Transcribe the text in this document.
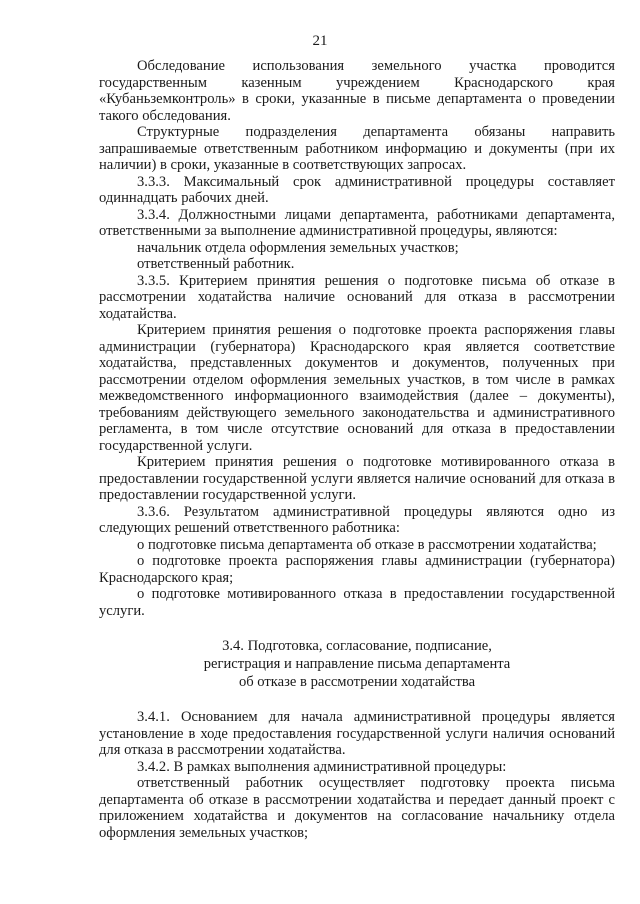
21

Обследование использования земельного участка проводится государственным казенным учреждением Краснодарского края «Кубаньземконтроль» в сроки, указанные в письме департамента о проведении такого обследования.

Структурные подразделения департамента обязаны направить запрашиваемые ответственным работником информацию и документы (при их наличии) в сроки, указанные в соответствующих запросах.

3.3.3. Максимальный срок административной процедуры составляет одиннадцать рабочих дней.

3.3.4. Должностными лицами департамента, работниками департамента, ответственными за выполнение административной процедуры, являются:

начальник отдела оформления земельных участков;

ответственный работник.

3.3.5. Критерием принятия решения о подготовке письма об отказе в рассмотрении ходатайства наличие оснований для отказа в рассмотрении ходатайства.

Критерием принятия решения о подготовке проекта распоряжения главы администрации (губернатора) Краснодарского края является соответствие ходатайства, представленных документов и документов, полученных при рассмотрении отделом оформления земельных участков, в том числе в рамках межведомственного информационного взаимодействия (далее – документы), требованиям действующего земельного законодательства и административного регламента, в том числе отсутствие оснований для отказа в предоставлении государственной услуги.

Критерием принятия решения о подготовке мотивированного отказа в предоставлении государственной услуги является наличие оснований для отказа в предоставлении государственной услуги.

3.3.6. Результатом административной процедуры являются одно из следующих решений ответственного работника:

о подготовке письма департамента об отказе в рассмотрении ходатайства;

о подготовке проекта распоряжения главы администрации (губернатора) Краснодарского края;

о подготовке мотивированного отказа в предоставлении государственной услуги.

3.4. Подготовка, согласование, подписание,
регистрация и направление письма департамента
об отказе в рассмотрении ходатайства

3.4.1. Основанием для начала административной процедуры является установление в ходе предоставления государственной услуги наличия оснований для отказа в рассмотрении ходатайства.

3.4.2. В рамках выполнения административной процедуры:

ответственный работник осуществляет подготовку проекта письма департамента об отказе в рассмотрении ходатайства и передает данный проект с приложением ходатайства и документов на согласование начальнику отдела оформления земельных участков;
